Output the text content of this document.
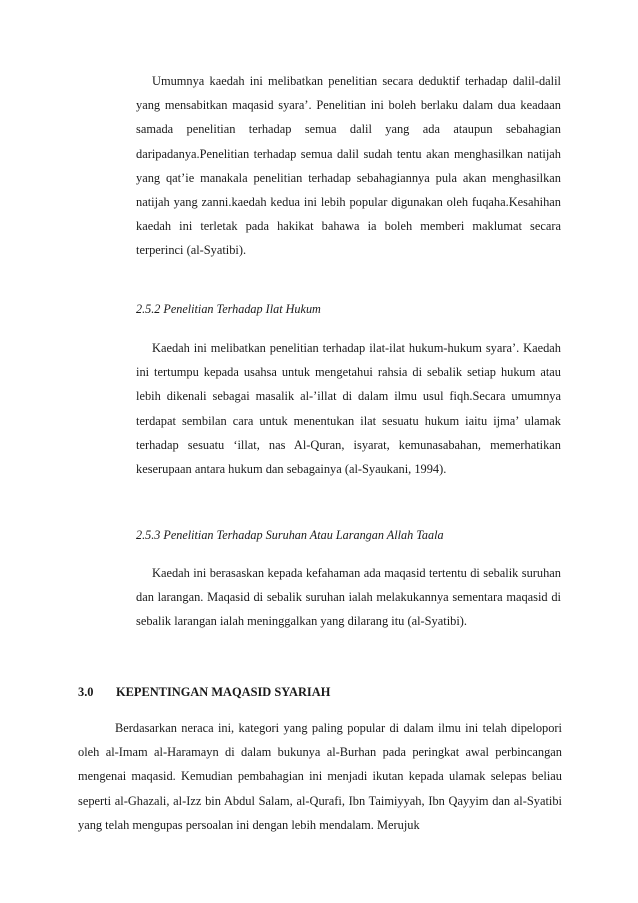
Umumnya kaedah ini melibatkan penelitian secara deduktif terhadap dalil-dalil yang mensabitkan maqasid syara’. Penelitian ini boleh berlaku dalam dua keadaan samada penelitian terhadap semua dalil yang ada ataupun sebahagian daripadanya.Penelitian terhadap semua dalil sudah tentu akan menghasilkan natijah yang qat’ie manakala penelitian terhadap sebahagiannya pula akan menghasilkan natijah yang zanni.kaedah kedua ini lebih popular digunakan oleh fuqaha.Kesahihan kaedah ini terletak pada hakikat bahawa ia boleh memberi maklumat secara terperinci (al-Syatibi).

2.5.2 Penelitian Terhadap Ilat Hukum

Kaedah ini melibatkan penelitian terhadap ilat-ilat hukum-hukum syara’. Kaedah ini tertumpu kepada usahsa untuk mengetahui rahsia di sebalik setiap hukum atau lebih dikenali sebagai masalik al-’illat di dalam ilmu usul fiqh.Secara umumnya terdapat sembilan cara untuk menentukan ilat sesuatu hukum iaitu ijma’ ulamak terhadap sesuatu ‘illat, nas Al-Quran, isyarat, kemunasabahan, memerhatikan keserupaan antara hukum dan sebagainya (al-Syaukani, 1994).

2.5.3 Penelitian Terhadap Suruhan Atau Larangan Allah Taala

Kaedah ini berasaskan kepada kefahaman ada maqasid tertentu di sebalik suruhan dan larangan. Maqasid di sebalik suruhan ialah melakukannya sementara maqasid di sebalik larangan ialah meninggalkan yang dilarang itu (al-Syatibi).

3.0 KEPENTINGAN MAQASID SYARIAH

Berdasarkan neraca ini, kategori yang paling popular di dalam ilmu ini telah dipelopori oleh al-Imam al-Haramayn di dalam bukunya al-Burhan pada peringkat awal perbincangan mengenai maqasid. Kemudian pembahagian ini menjadi ikutan kepada ulamak selepas beliau seperti al-Ghazali, al-Izz bin Abdul Salam, al-Qurafi, Ibn Taimiyyah, Ibn Qayyim dan al-Syatibi yang telah mengupas persoalan ini dengan lebih mendalam. Merujuk
